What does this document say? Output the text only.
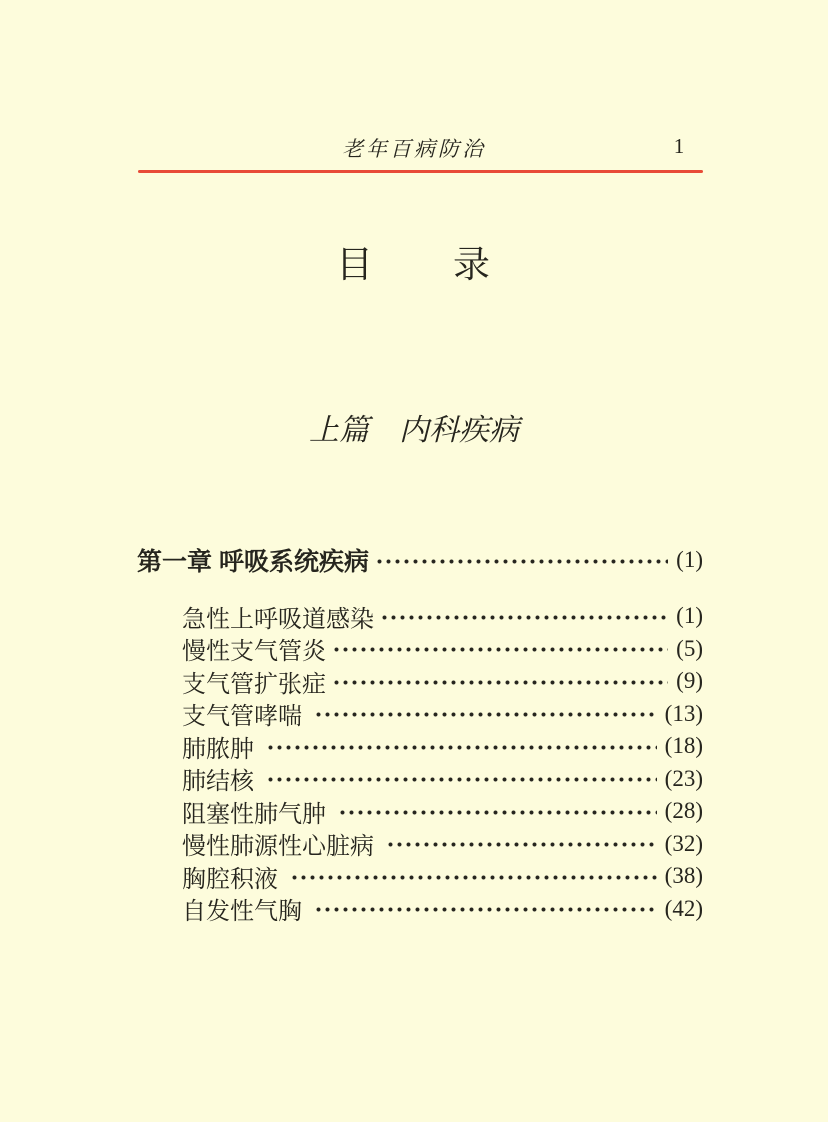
老年百病防治	1
目　　录
上篇　内科疾病
第一章 呼吸系统疾病	(1)
急性上呼吸道感染	(1)
慢性支气管炎	(5)
支气管扩张症	(9)
支气管哮喘	(13)
肺脓肿	(18)
肺结核	(23)
阻塞性肺气肿	(28)
慢性肺源性心脏病	(32)
胸腔积液	(38)
自发性气胸	(42)
